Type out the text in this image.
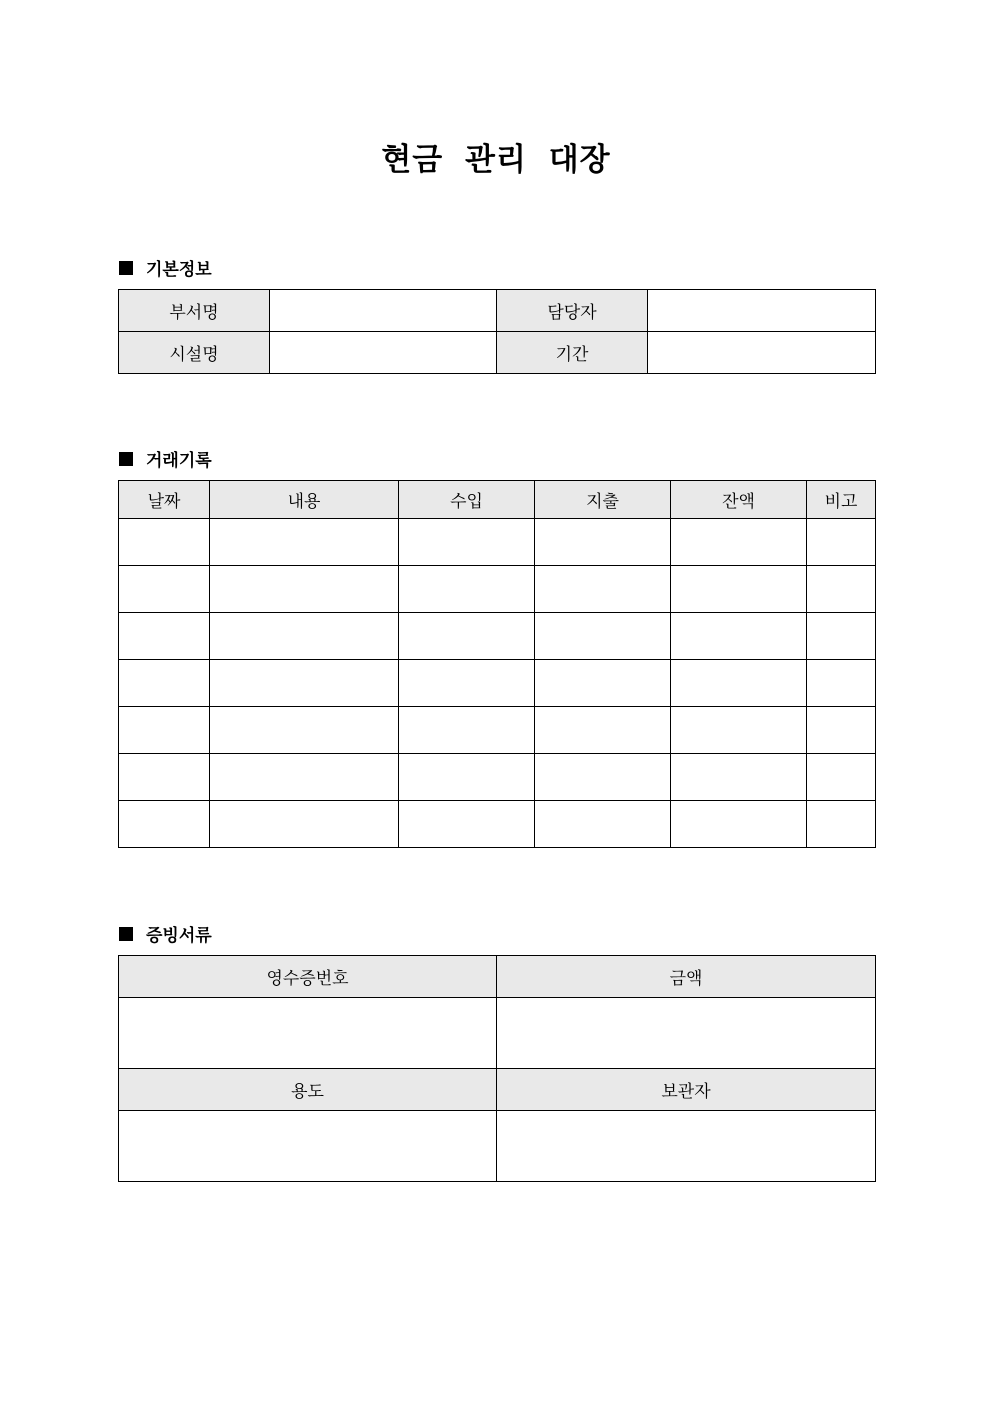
현금 관리 대장
기본정보
부서명		담당자	
시설명		기간	
거래기록
날짜	내용	수입	지출	잔액	비고

증빙서류
영수증번호	금액

용도	보관자
